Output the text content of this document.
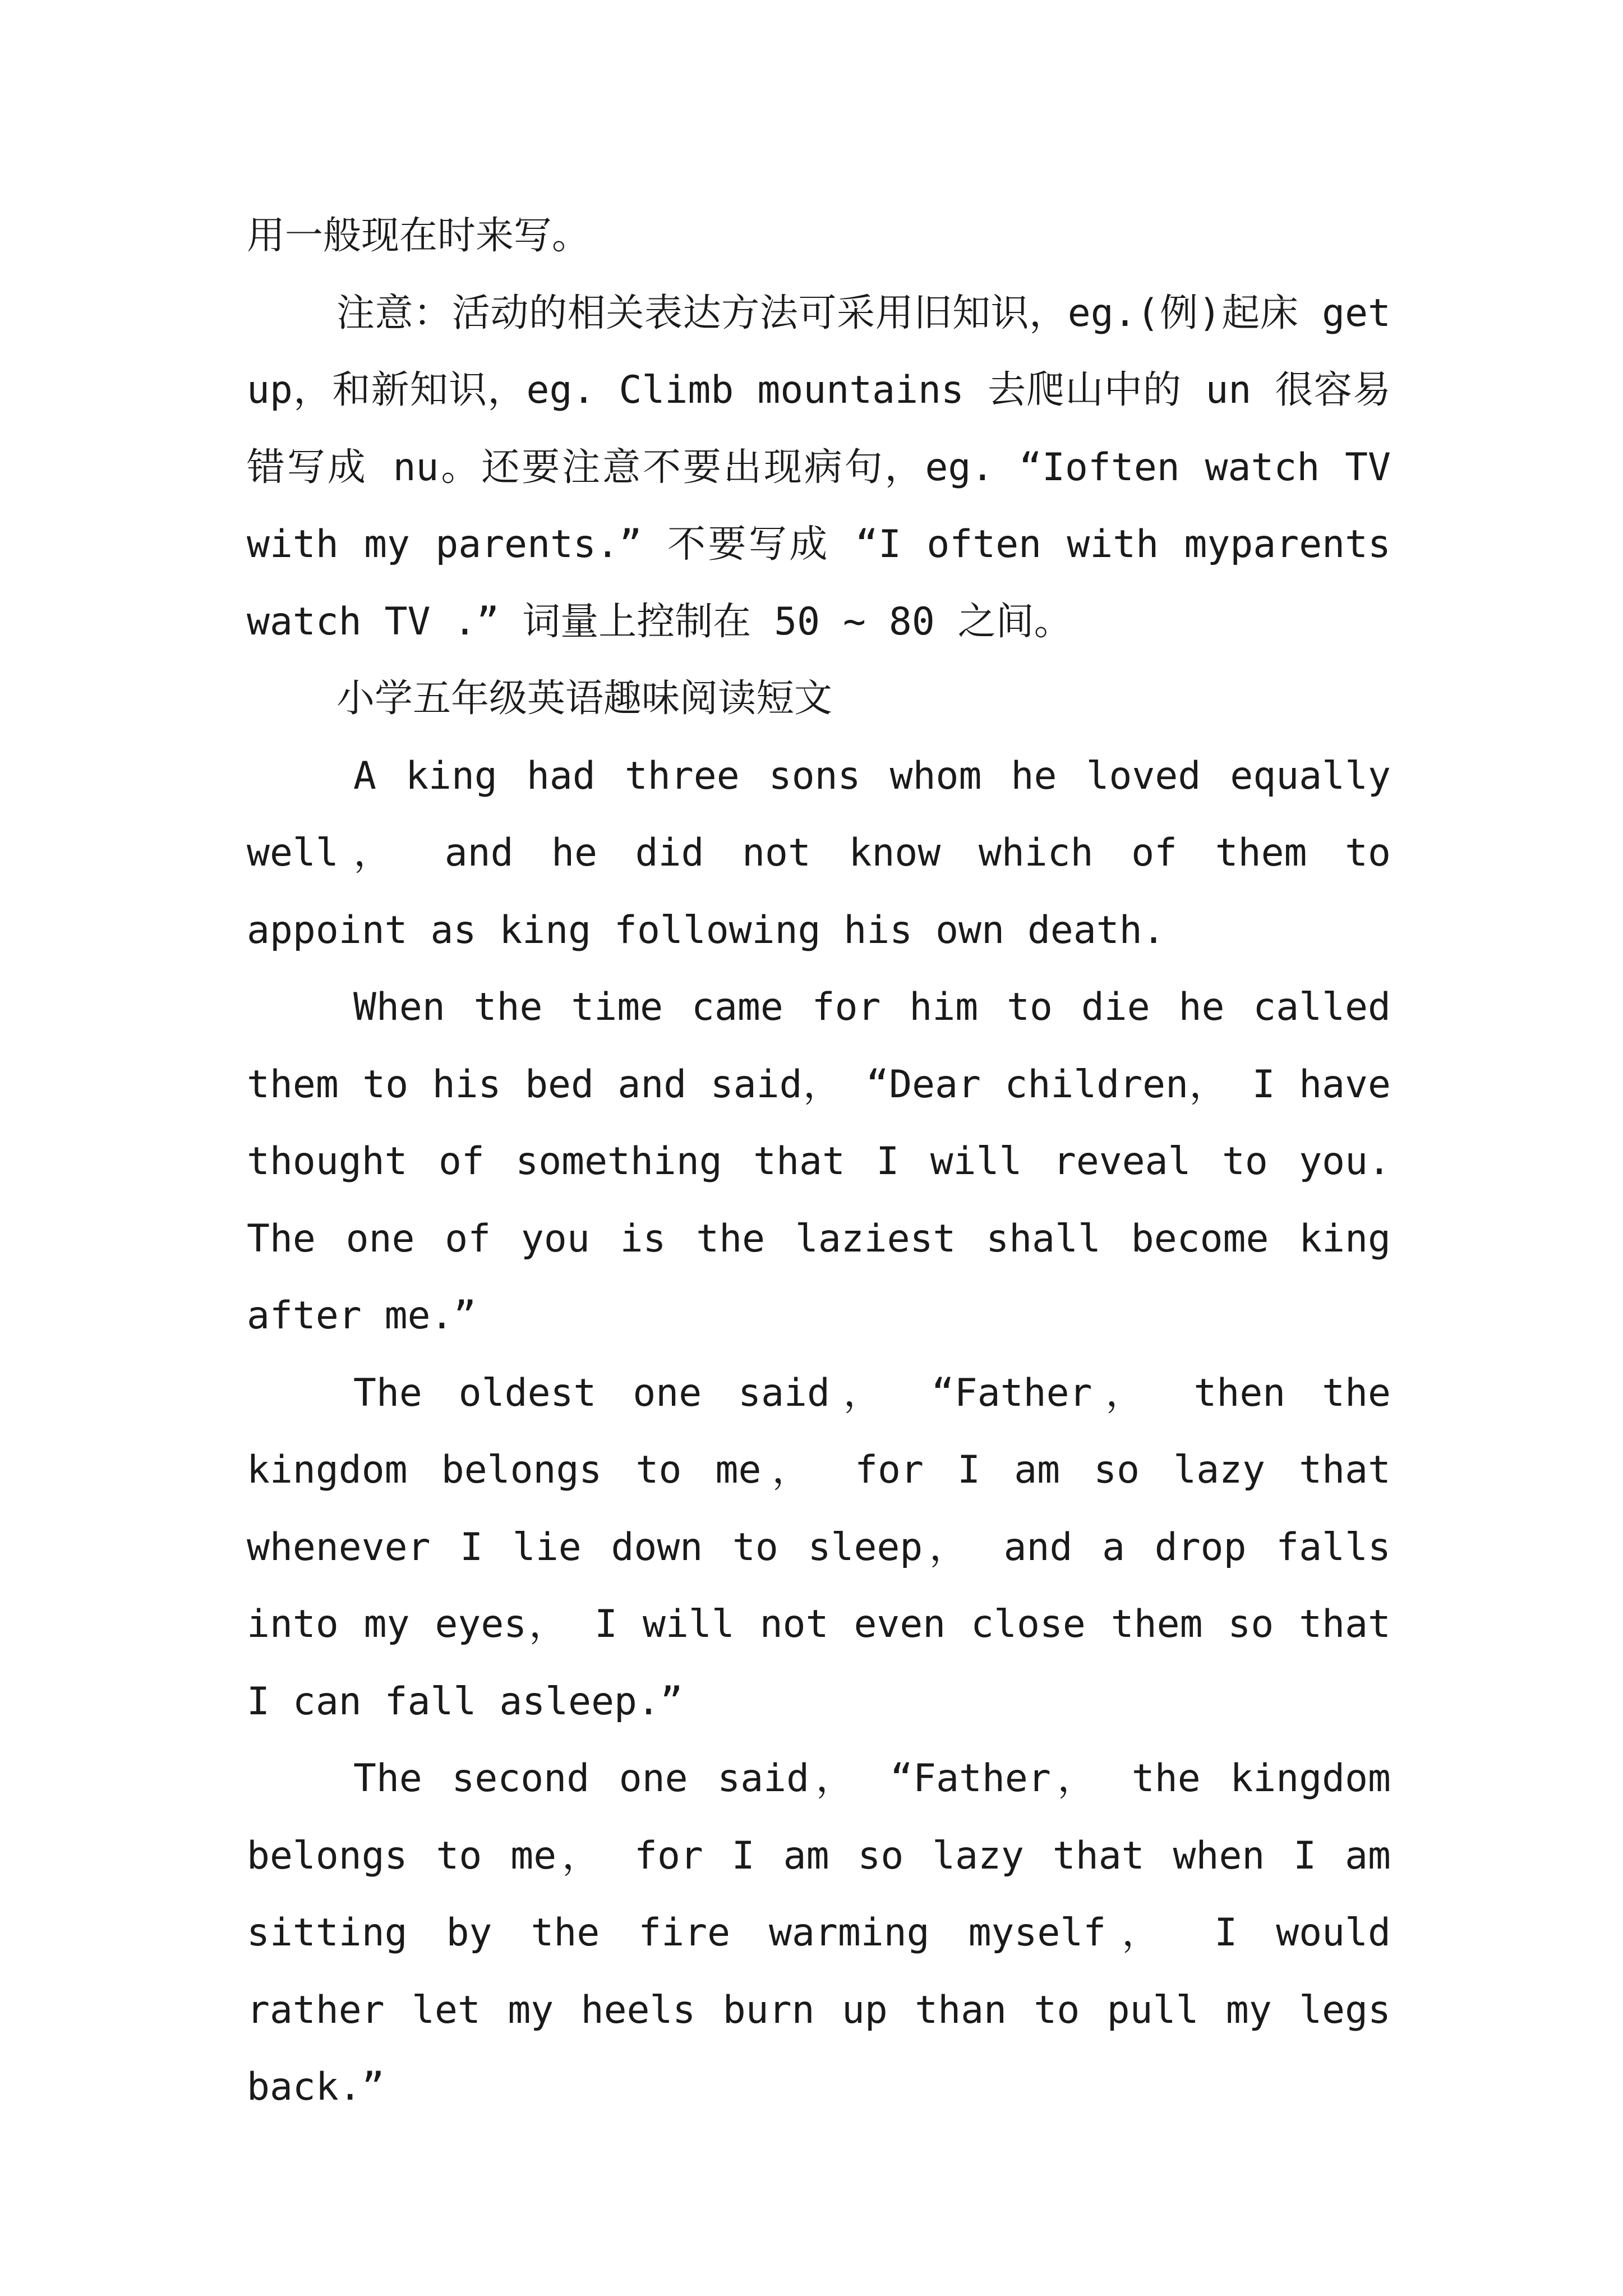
用一般现在时来写。

注意：活动的相关表达方法可采用旧知识，eg.(例)起床 get up，和新知识，eg. Climb mountains 去爬山中的 un 很容易错写成 nu。还要注意不要出现病句，eg. “Ioften watch TV with my parents.” 不要写成 “I often with myparents watch TV .” 词量上控制在 50 ~ 80 之间。

小学五年级英语趣味阅读短文

A king had three sons whom he loved equally well， and he did not know which of them to appoint as king following his own death.

When the time came for him to die he called them to his bed and said， “Dear children， I have thought of something that I will reveal to you. The one of you is the laziest shall become king after me.”

The oldest one said， “Father， then the kingdom belongs to me， for I am so lazy that whenever I lie down to sleep， and a drop falls into my eyes， I will not even close them so that I can fall asleep.”

The second one said， “Father， the kingdom belongs to me， for I am so lazy that when I am sitting by the fire warming myself， I would rather let my heels burn up than to pull my legs back.”
